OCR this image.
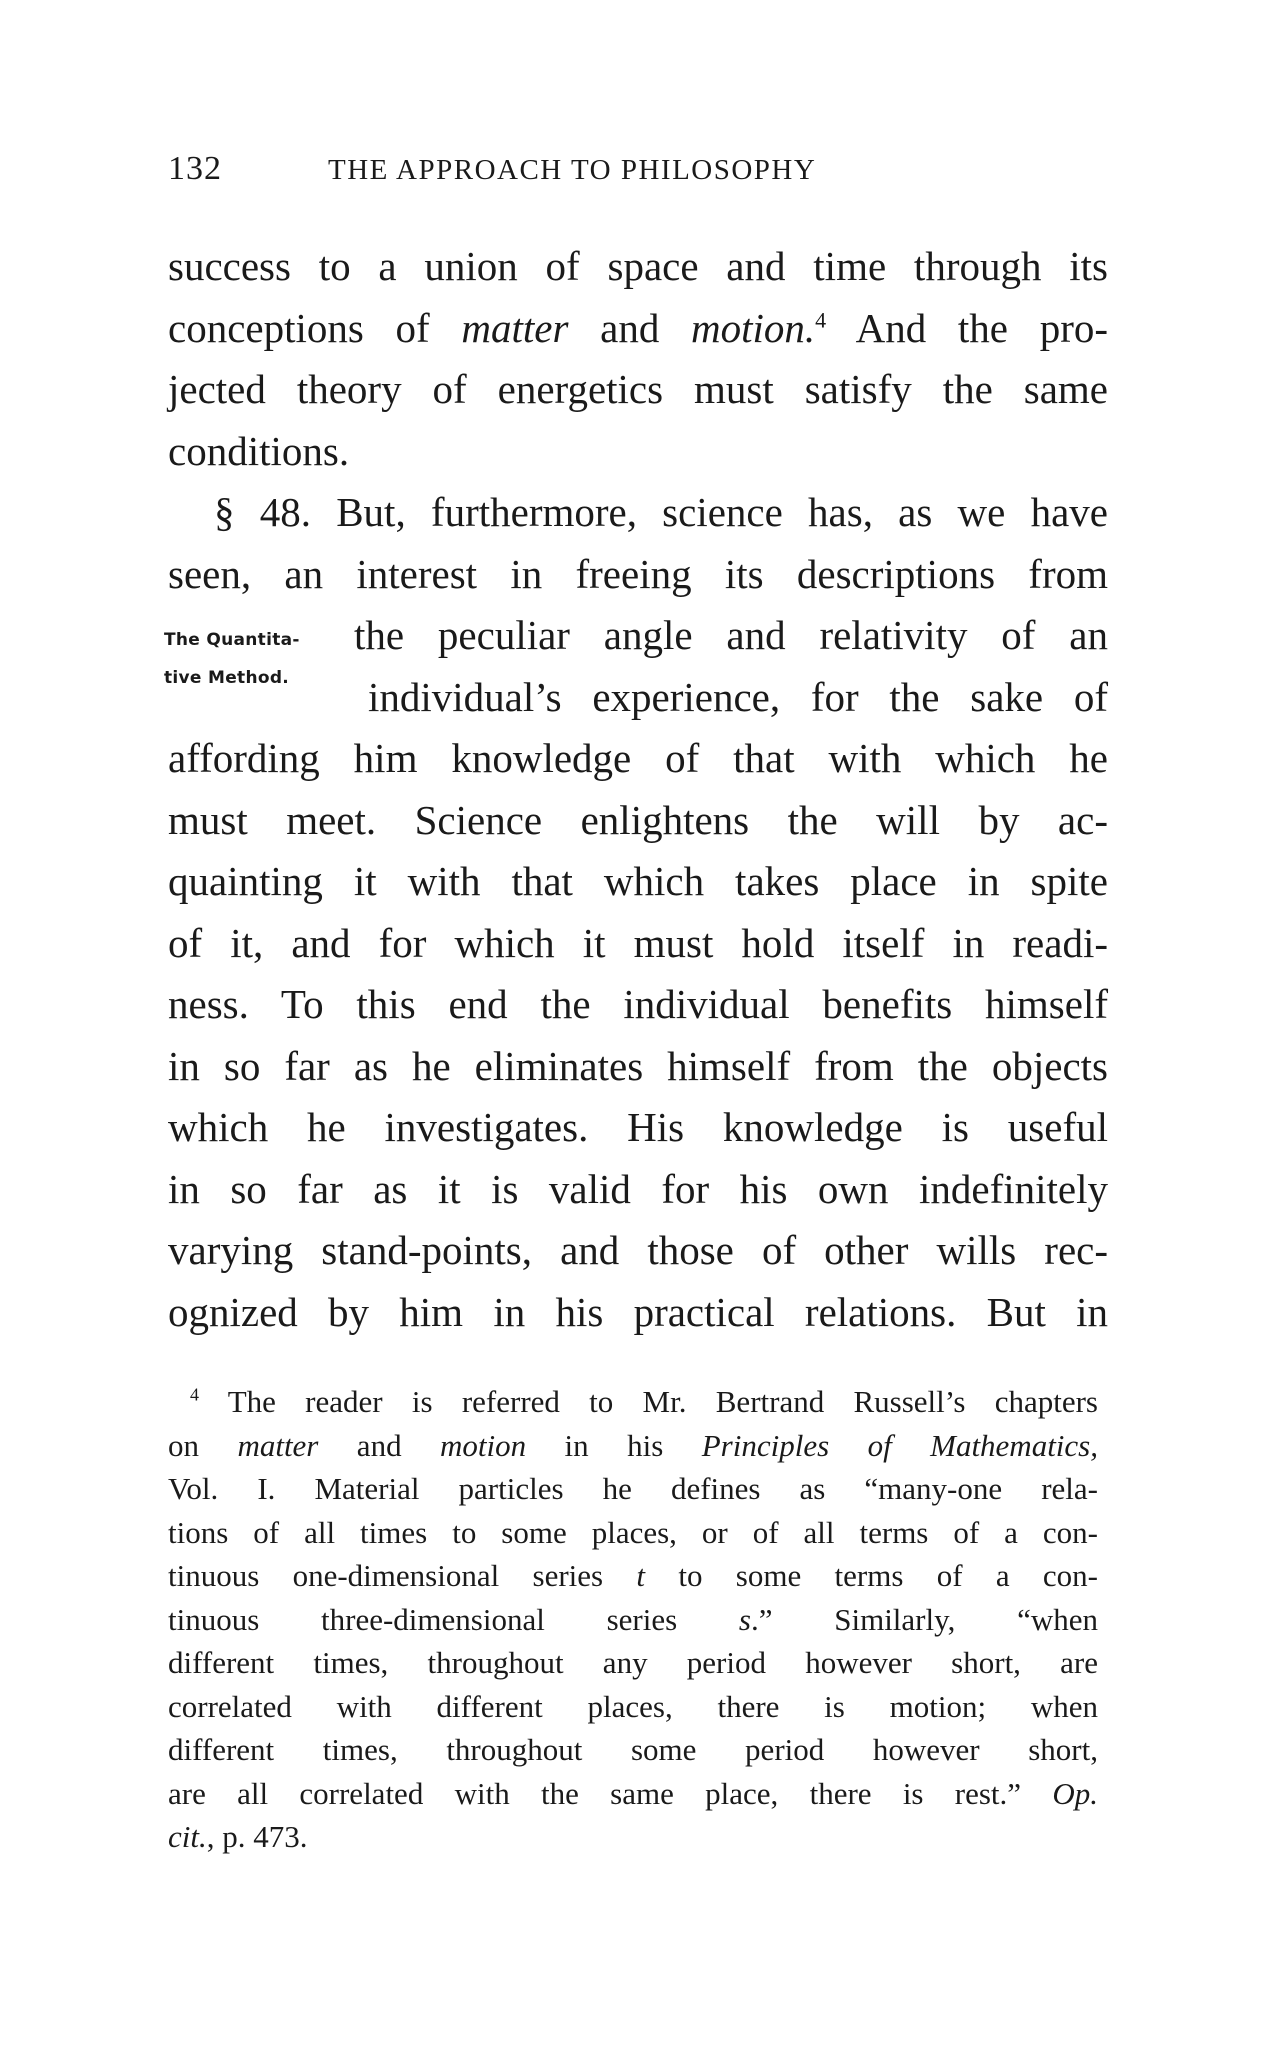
132	THE APPROACH TO PHILOSOPHY
The Quantita-
tive Method.
success to a union of space and time through its
conceptions of matter and motion.$^4$ And the pro-
jected theory of energetics must satisfy the same
conditions.
§ 48. But, furthermore, science has, as we have
seen, an interest in freeing its descriptions from
the peculiar angle and relativity of an
individual’s experience, for the sake of
affording him knowledge of that with which he
must meet. Science enlightens the will by ac-
quainting it with that which takes place in spite
of it, and for which it must hold itself in readi-
ness. To this end the individual benefits himself
in so far as he eliminates himself from the objects
which he investigates. His knowledge is useful
in so far as it is valid for his own indefinitely
varying stand-points, and those of other wills rec-
ognized by him in his practical relations. But in
$^4$ The reader is referred to Mr. Bertrand Russell’s chapters
on matter and motion in his Principles of Mathematics,
Vol. I. Material particles he defines as “many-one rela-
tions of all times to some places, or of all terms of a con-
tinuous one-dimensional series t to some terms of a con-
tinuous three-dimensional series s.” Similarly, “when
different times, throughout any period however short, are
correlated with different places, there is motion; when
different times, throughout some period however short,
are all correlated with the same place, there is rest.” Op.
cit., p. 473.
